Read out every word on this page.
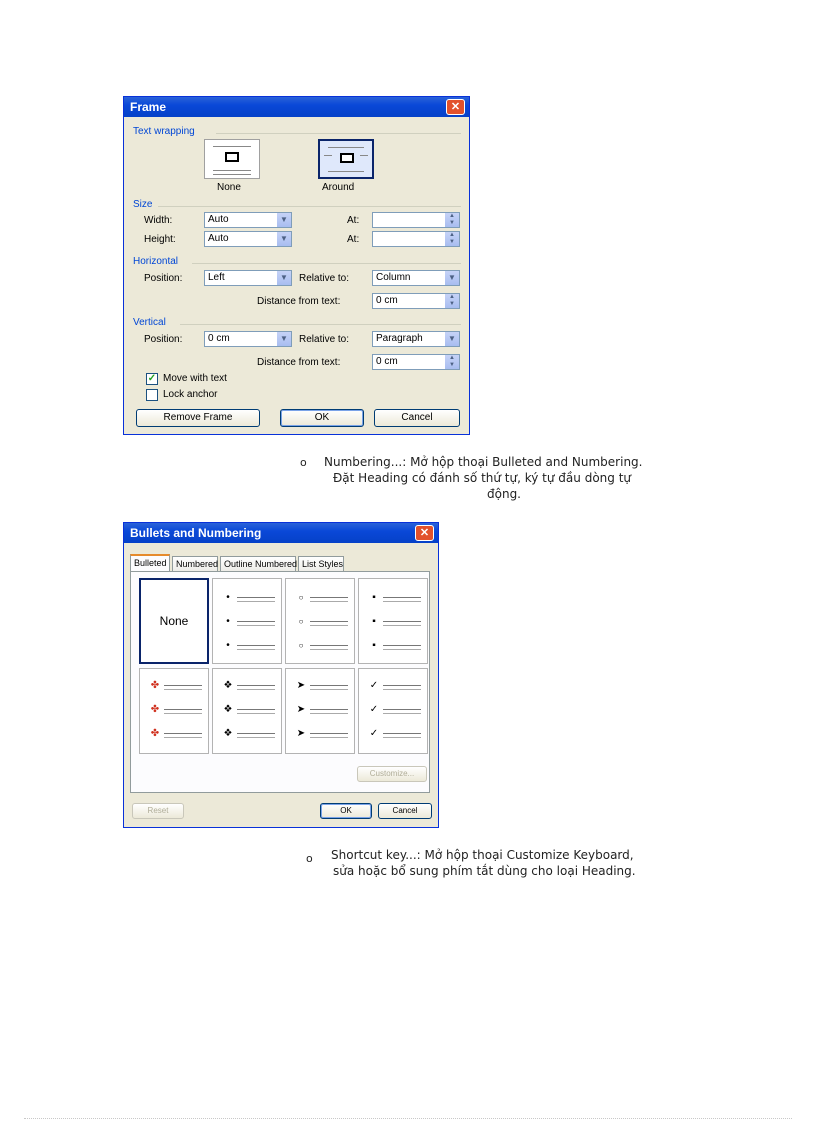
Frame	✕
Text wrapping
None	Around
Size
Width:	Auto	▼	At:	▲
▼
Height:	Auto	▼	At:	▲
▼
Horizontal
Position:	Left	▼	Relative to:	Column	▼
Distance from text:	0 cm	▲
▼
Vertical
Position:	0 cm	▼	Relative to:	Paragraph	▼
Distance from text:	0 cm	▲
▼
✓ Move with text
Lock anchor
Remove Frame	OK	Cancel
o Numbering...: Mở hộp thoại Bulleted and Numbering.
Đặt Heading có đánh số thứ tự, ký tự đầu dòng tự
động.
Bullets and Numbering	✕
Bulleted	Numbered Outline Numbered List Styles
None
•
•
•
○
○
○
▪
▪
▪
✤
✤
✤
❖
❖
❖
➤
➤
➤
✓
✓
✓
Customize...
Reset	OK	Cancel
o Shortcut key...: Mở hộp thoại Customize Keyboard,
sửa hoặc bổ sung phím tắt dùng cho loại Heading.
